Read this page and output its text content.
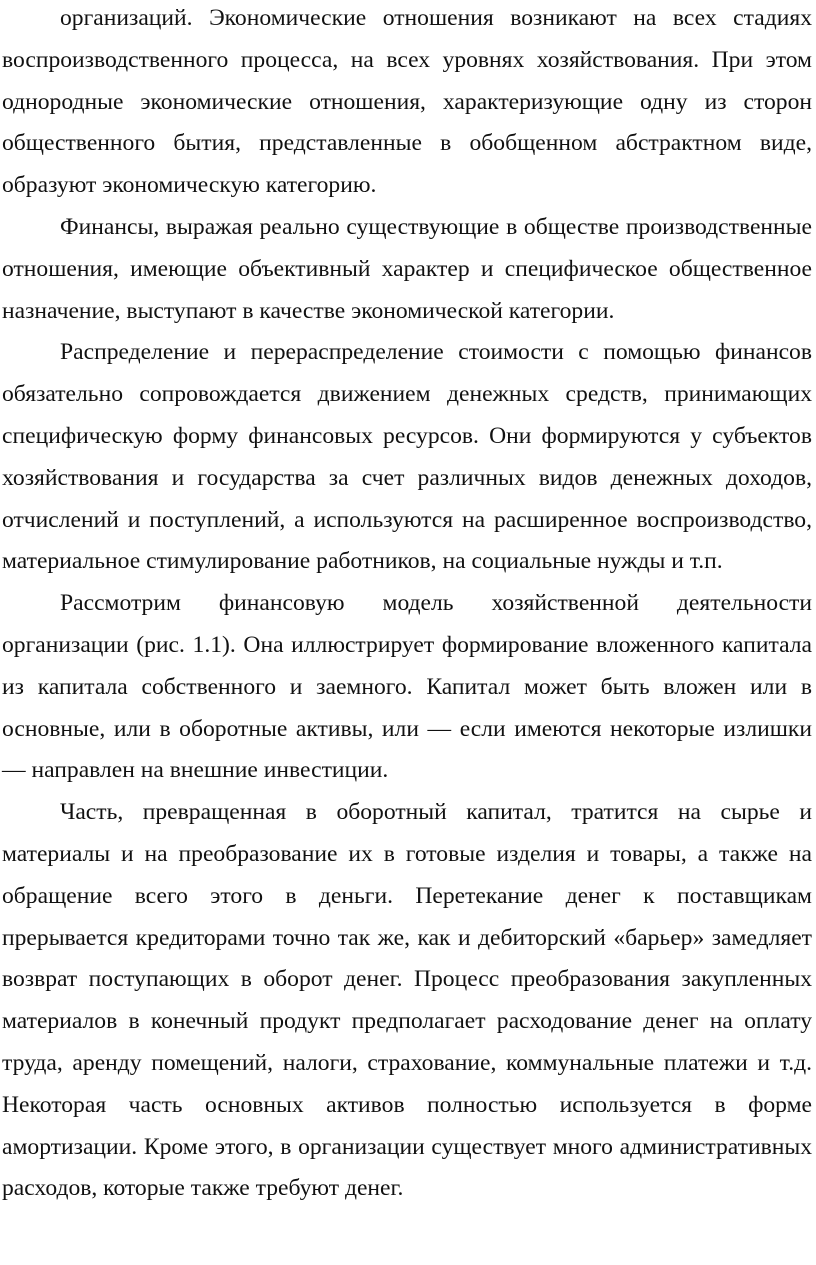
организаций. Экономические отношения возникают на всех стадиях воспроизводственного процесса, на всех уровнях хозяйствования. При этом однородные экономические отношения, характеризующие одну из сторон общественного бытия, представленные в обобщенном абстрактном виде, образуют экономическую категорию.

Финансы, выражая реально существующие в обществе производственные отношения, имеющие объективный характер и специфическое общественное назначение, выступают в качестве экономической категории.

Распределение и перераспределение стоимости с помощью финансов обязательно сопровождается движением денежных средств, принимающих специфическую форму финансовых ресурсов. Они формируются у субъектов хозяйствования и государства за счет различных видов денежных доходов, отчислений и поступлений, а используются на расширенное воспроизводство, материальное стимулирование работников, на социальные нужды и т.п.

Рассмотрим финансовую модель хозяйственной деятельности организации (рис. 1.1). Она иллюстрирует формирование вложенного капитала из капитала собственного и заемного. Капитал может быть вложен или в основные, или в оборотные активы, или — если имеются некоторые излишки — направлен на внешние инвестиции.

Часть, превращенная в оборотный капитал, тратится на сырье и материалы и на преобразование их в готовые изделия и товары, а также на обращение всего этого в деньги. Перетекание денег к поставщикам прерывается кредиторами точно так же, как и дебиторский «барьер» замедляет возврат поступающих в оборот денег. Процесс преобразования закупленных материалов в конечный продукт предполагает расходование денег на оплату труда, аренду помещений, налоги, страхование, коммунальные платежи и т.д. Некоторая часть основных активов полностью используется в форме амортизации. Кроме этого, в организации существует много административных расходов, которые также требуют денег.
